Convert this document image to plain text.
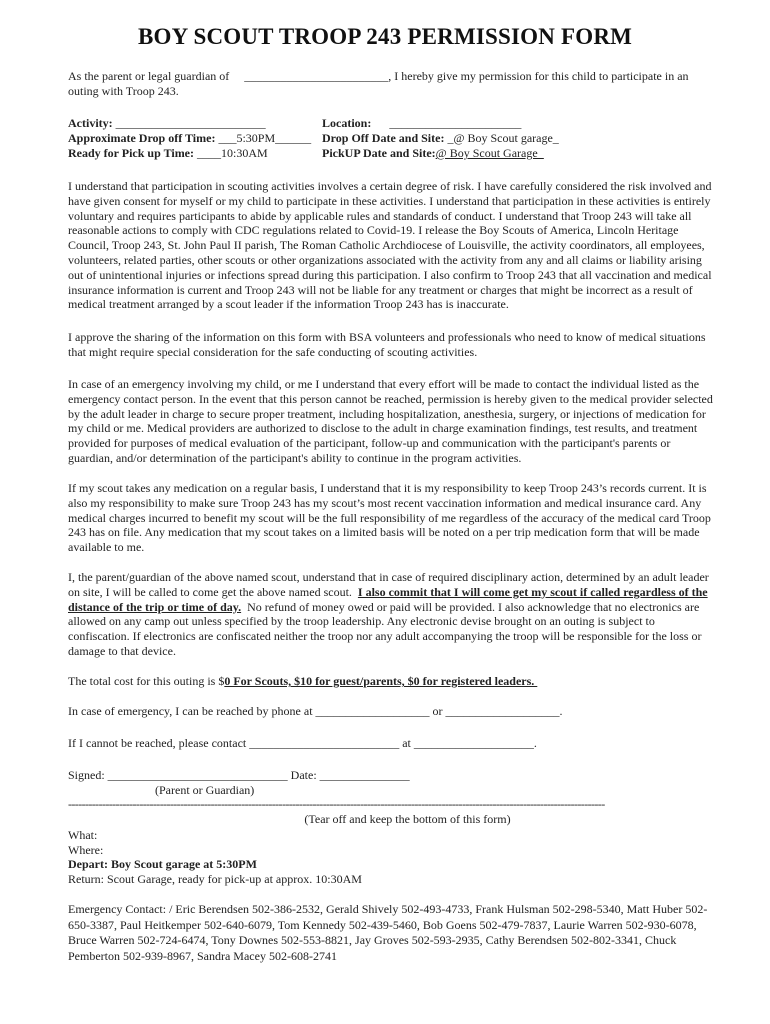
BOY SCOUT TROOP 243 PERMISSION FORM
As the parent or legal guardian of ________________________, I hereby give my permission for this child to participate in an
outing with Troop 243.
Activity: _________________________
Approximate Drop off Time: ___5:30PM______
Ready for Pick up Time: ____10:30AM
Location: ______________________
Drop Off Date and Site: _@ Boy Scout garage_
PickUP Date and Site:@ Boy Scout Garage_
I understand that participation in scouting activities involves a certain degree of risk. I have carefully considered the risk involved and
have given consent for myself or my child to participate in these activities. I understand that participation in these activities is entirely
voluntary and requires participants to abide by applicable rules and standards of conduct. I understand that Troop 243 will take all
reasonable actions to comply with CDC regulations related to Covid-19. I release the Boy Scouts of America, Lincoln Heritage
Council, Troop 243, St. John Paul II parish, The Roman Catholic Archdiocese of Louisville, the activity coordinators, all employees,
volunteers, related parties, other scouts or other organizations associated with the activity from any and all claims or liability arising
out of unintentional injuries or infections spread during this participation. I also confirm to Troop 243 that all vaccination and medical
insurance information is current and Troop 243 will not be liable for any treatment or charges that might be incorrect as a result of
medical treatment arranged by a scout leader if the information Troop 243 has is inaccurate.
I approve the sharing of the information on this form with BSA volunteers and professionals who need to know of medical situations
that might require special consideration for the safe conducting of scouting activities.
In case of an emergency involving my child, or me I understand that every effort will be made to contact the individual listed as the
emergency contact person. In the event that this person cannot be reached, permission is hereby given to the medical provider selected
by the adult leader in charge to secure proper treatment, including hospitalization, anesthesia, surgery, or injections of medication for
my child or me. Medical providers are authorized to disclose to the adult in charge examination findings, test results, and treatment
provided for purposes of medical evaluation of the participant, follow-up and communication with the participant's parents or
guardian, and/or determination of the participant's ability to continue in the program activities.
If my scout takes any medication on a regular basis, I understand that it is my responsibility to keep Troop 243’s records current. It is
also my responsibility to make sure Troop 243 has my scout’s most recent vaccination information and medical insurance card. Any
medical charges incurred to benefit my scout will be the full responsibility of me regardless of the accuracy of the medical card Troop
243 has on file. Any medication that my scout takes on a limited basis will be noted on a per trip medication form that will be made
available to me.
I, the parent/guardian of the above named scout, understand that in case of required disciplinary action, determined by an adult leader
on site, I will be called to come get the above named scout.  I also commit that I will come get my scout if called regardless of the
distance of the trip or time of day.  No refund of money owed or paid will be provided. I also acknowledge that no electronics are
allowed on any camp out unless specified by the troop leadership. Any electronic devise brought on an outing is subject to
confiscation. If electronics are confiscated neither the troop nor any adult accompanying the troop will be responsible for the loss or
damage to that device.
The total cost for this outing is $0 For Scouts, $10 for guest/parents, $0 for registered leaders.
In case of emergency, I can be reached by phone at ___________________ or ___________________.
If I cannot be reached, please contact _________________________ at ____________________.
Signed: ______________________________ Date: _______________
(Parent or Guardian)
--------------------------------------------------------------------------------------------------------------------------------------------------------------
(Tear off and keep the bottom of this form)
What:
Where:
Depart: Boy Scout garage at 5:30PM
Return: Scout Garage, ready for pick-up at approx. 10:30AM
Emergency Contact: / Eric Berendsen 502-386-2532, Gerald Shively 502-493-4733, Frank Hulsman 502-298-5340, Matt Huber 502-
650-3387, Paul Heitkemper 502-640-6079, Tom Kennedy 502-439-5460, Bob Goens 502-479-7837, Laurie Warren 502-930-6078,
Bruce Warren 502-724-6474, Tony Downes 502-553-8821, Jay Groves 502-593-2935, Cathy Berendsen 502-802-3341, Chuck
Pemberton 502-939-8967, Sandra Macey 502-608-2741
